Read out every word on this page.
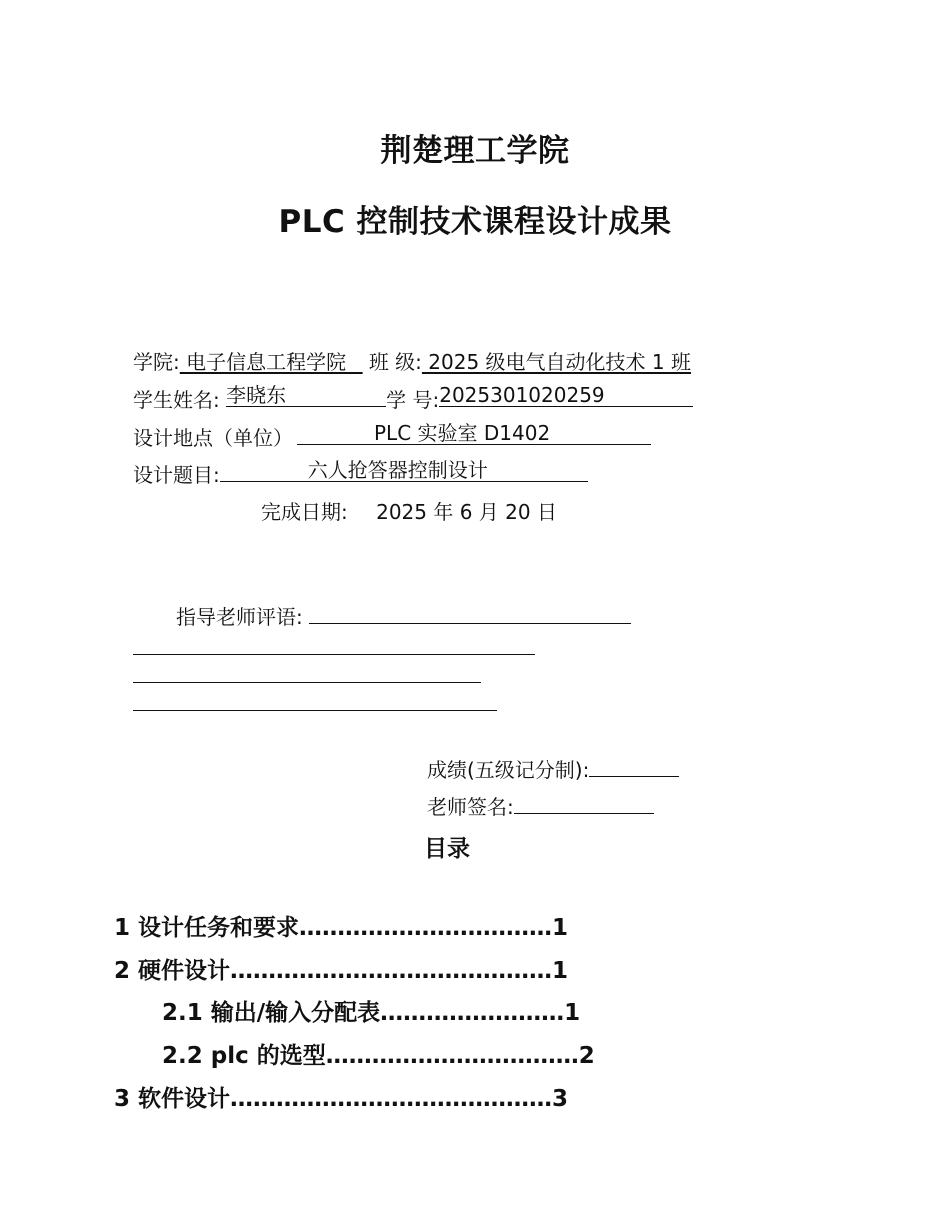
荆楚理工学院
PLC 控制技术课程设计成果
学院: 电子信息工程学院 _ 班 级: 2025 级电气自动化技术 1 班
学生姓名: 李晓东	学 号: 2025301020259
设计地点（单位）	PLC 实验室 D1402
设计题目:	六人抢答器控制设计
完成日期: 2025 年 6 月 20 日
指导老师评语:
成绩(五级记分制):
老师签名:
目录
1 设计任务和要求……………………………1
2 硬件设计……………………………………1
2.1 输出/输入分配表……………………1
2.2 plc 的选型……………………………2
3 软件设计……………………………………3
